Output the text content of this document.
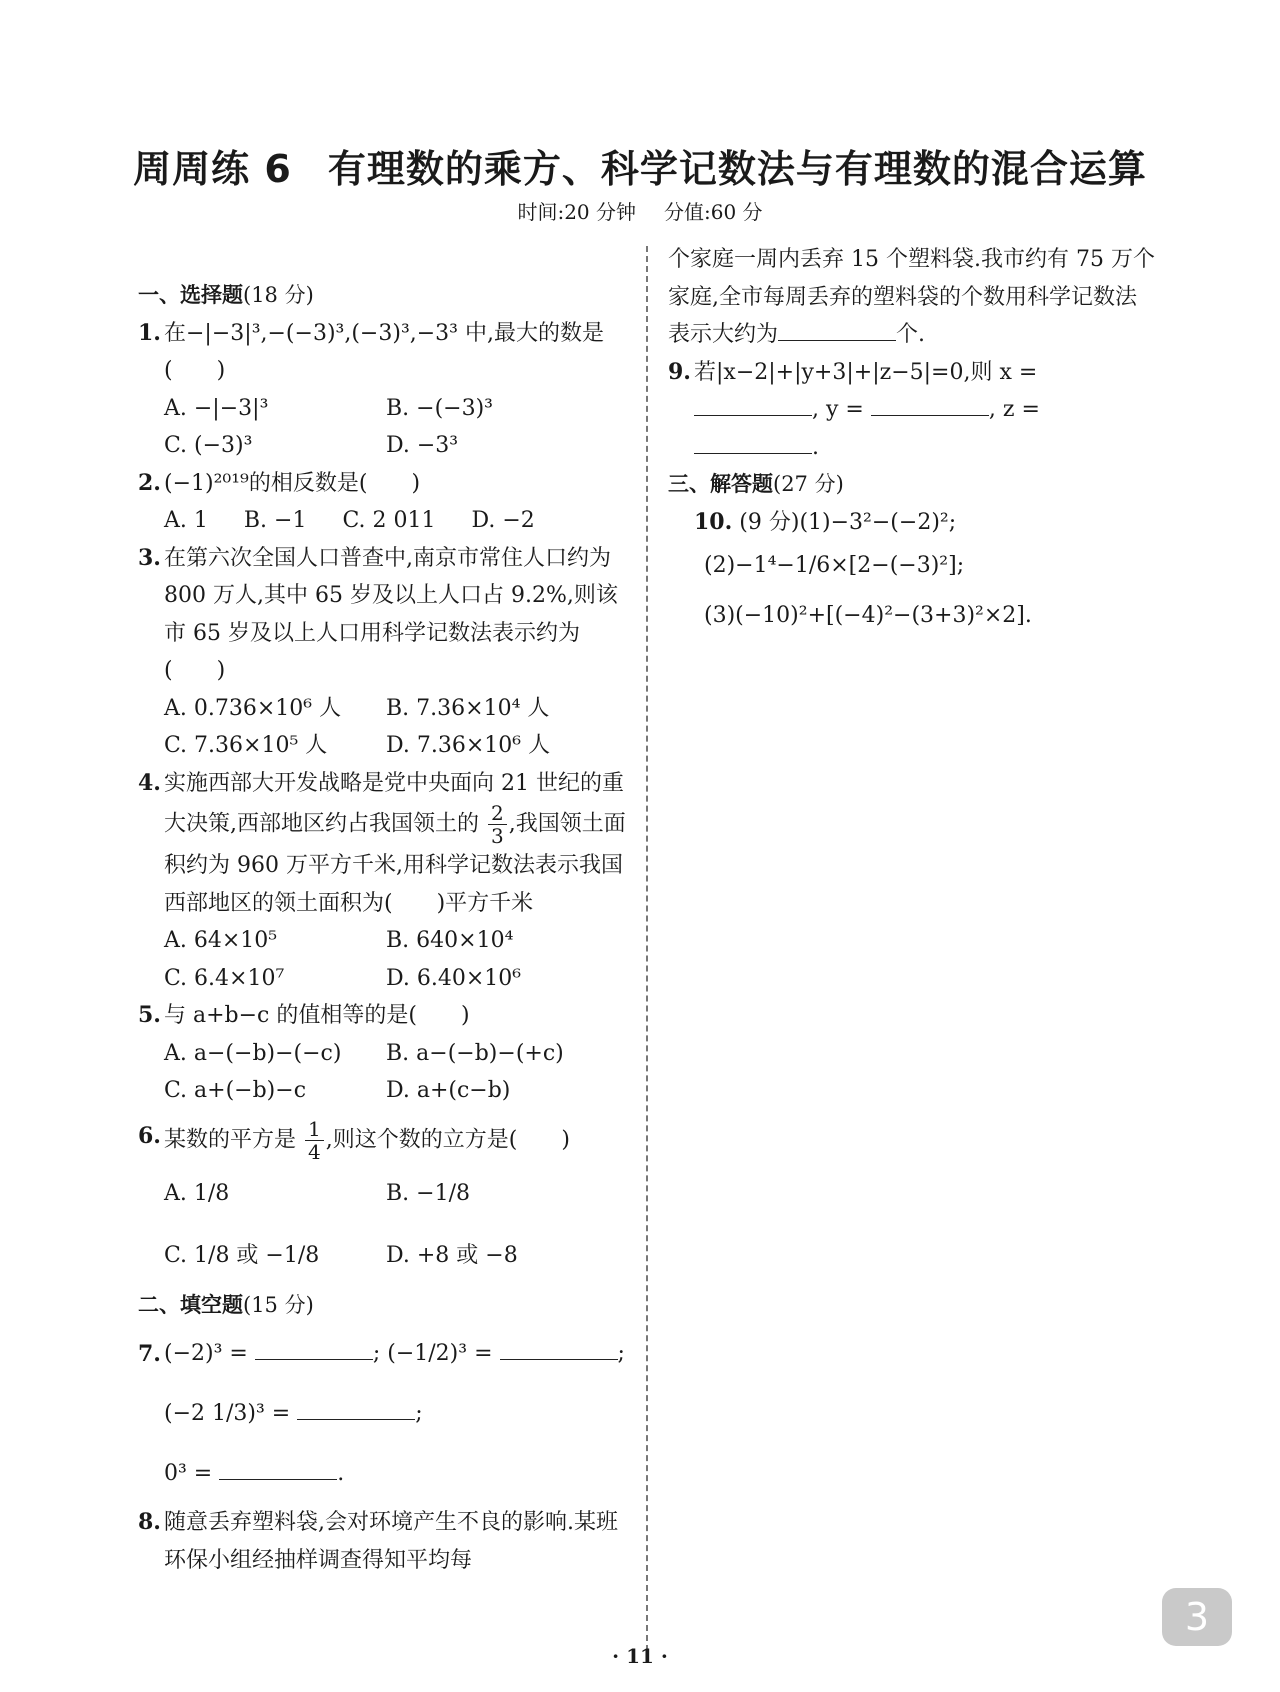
周周练 6 有理数的乘方、科学记数法与有理数的混合运算
时间:20 分钟 分值:60 分
一、选择题(18 分)
1. 在−|−3|³,−(−3)³,(−3)³,−3³ 中,最大的数是(　　)
A. −|−3|³	B. −(−3)³
C. (−3)³	D. −3³
2. (−1)²⁰¹⁹的相反数是(　　)
A. 1 B. −1 C. 2 011 D. −2
3. 在第六次全国人口普查中,南京市常住人口约为 800 万人,其中 65 岁及以上人口占 9.2%,则该市 65 岁及以上人口用科学记数法表示约为(　　)
A. 0.736×10⁶ 人	B. 7.36×10⁴ 人
C. 7.36×10⁵ 人	D. 7.36×10⁶ 人
4. 实施西部大开发战略是党中央面向 21 世纪的重大决策,西部地区约占我国领土的 $\frac{2}{3}$ ,我国领土面积约为 960 万平方千米,用科学记数法表示我国西部地区的领土面积为(　　)平方千米
A. 64×10⁵	B. 640×10⁴
C. 6.4×10⁷	D. 6.40×10⁶
5. 与 a+b−c 的值相等的是(　　)
A. a−(−b)−(−c)	B. a−(−b)−(+c)
C. a+(−b)−c	D. a+(c−b)
6. 某数的平方是 $\frac{1}{4}$ ,则这个数的立方是(　　)
A. 1/8	B. −1/8
C. 1/8 或 −1/8	D. +8 或 −8
二、填空题(15 分)
7. (−2)³ =	; (−1/2)³ =	; (−2 1/3)³ =	;
0³ =	.
8. 随意丢弃塑料袋,会对环境产生不良的影响.某班环保小组经抽样调查得知平均每
个家庭一周内丢弃 15 个塑料袋.我市约有 75 万个家庭,全市每周丢弃的塑料袋的个数用科学记数法表示大约为	个.
9. 若|x−2|+|y+3|+|z−5|=0,则 x = , y =	, z = .
三、解答题(27 分)
10. (9 分)(1)−3²−(−2)²;
(2)−1⁴−1/6×[2−(−3)²];
(3)(−10)²+[(−4)²−(3+3)²×2].
· 11 ·
3
